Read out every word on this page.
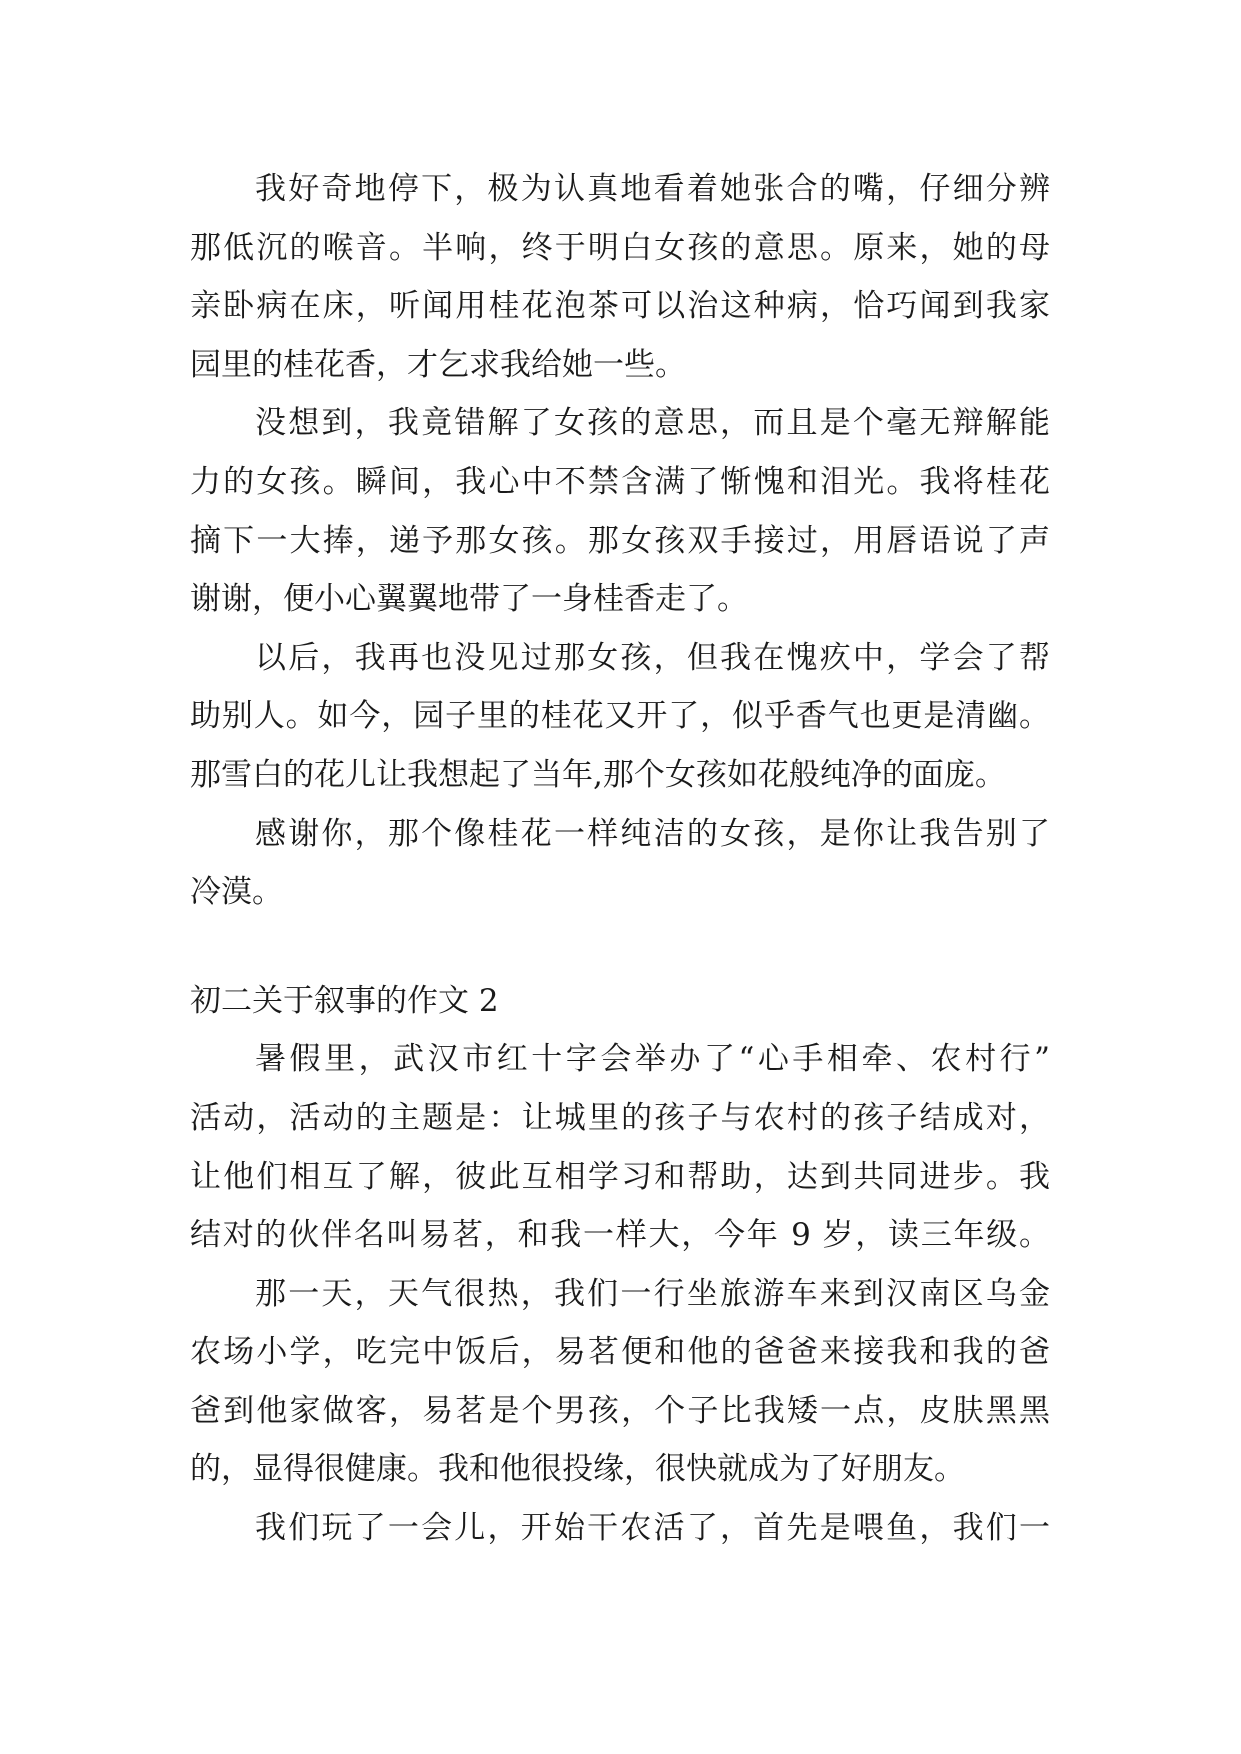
我好奇地停下，极为认真地看着她张合的嘴，仔细分辨
那低沉的喉音。半响，终于明白女孩的意思。原来，她的母
亲卧病在床，听闻用桂花泡茶可以治这种病，恰巧闻到我家
园里的桂花香，才乞求我给她一些。
没想到，我竟错解了女孩的意思，而且是个毫无辩解能
力的女孩。瞬间，我心中不禁含满了惭愧和泪光。我将桂花
摘下一大捧，递予那女孩。那女孩双手接过，用唇语说了声
谢谢，便小心翼翼地带了一身桂香走了。
以后，我再也没见过那女孩，但我在愧疚中，学会了帮
助别人。如今，园子里的桂花又开了，似乎香气也更是清幽。
那雪白的花儿让我想起了当年,那个女孩如花般纯净的面庞。
感谢你，那个像桂花一样纯洁的女孩，是你让我告别了
冷漠。
初二关于叙事的作文 2
暑假里，武汉市红十字会举办了“心手相牵、农村行”
活动，活动的主题是：让城里的孩子与农村的孩子结成对，
让他们相互了解，彼此互相学习和帮助，达到共同进步。我
结对的伙伴名叫易茗，和我一样大，今年 9 岁，读三年级。
那一天，天气很热，我们一行坐旅游车来到汉南区乌金
农场小学，吃完中饭后，易茗便和他的爸爸来接我和我的爸
爸到他家做客，易茗是个男孩，个子比我矮一点，皮肤黑黑
的，显得很健康。我和他很投缘，很快就成为了好朋友。
我们玩了一会儿，开始干农活了，首先是喂鱼，我们一
